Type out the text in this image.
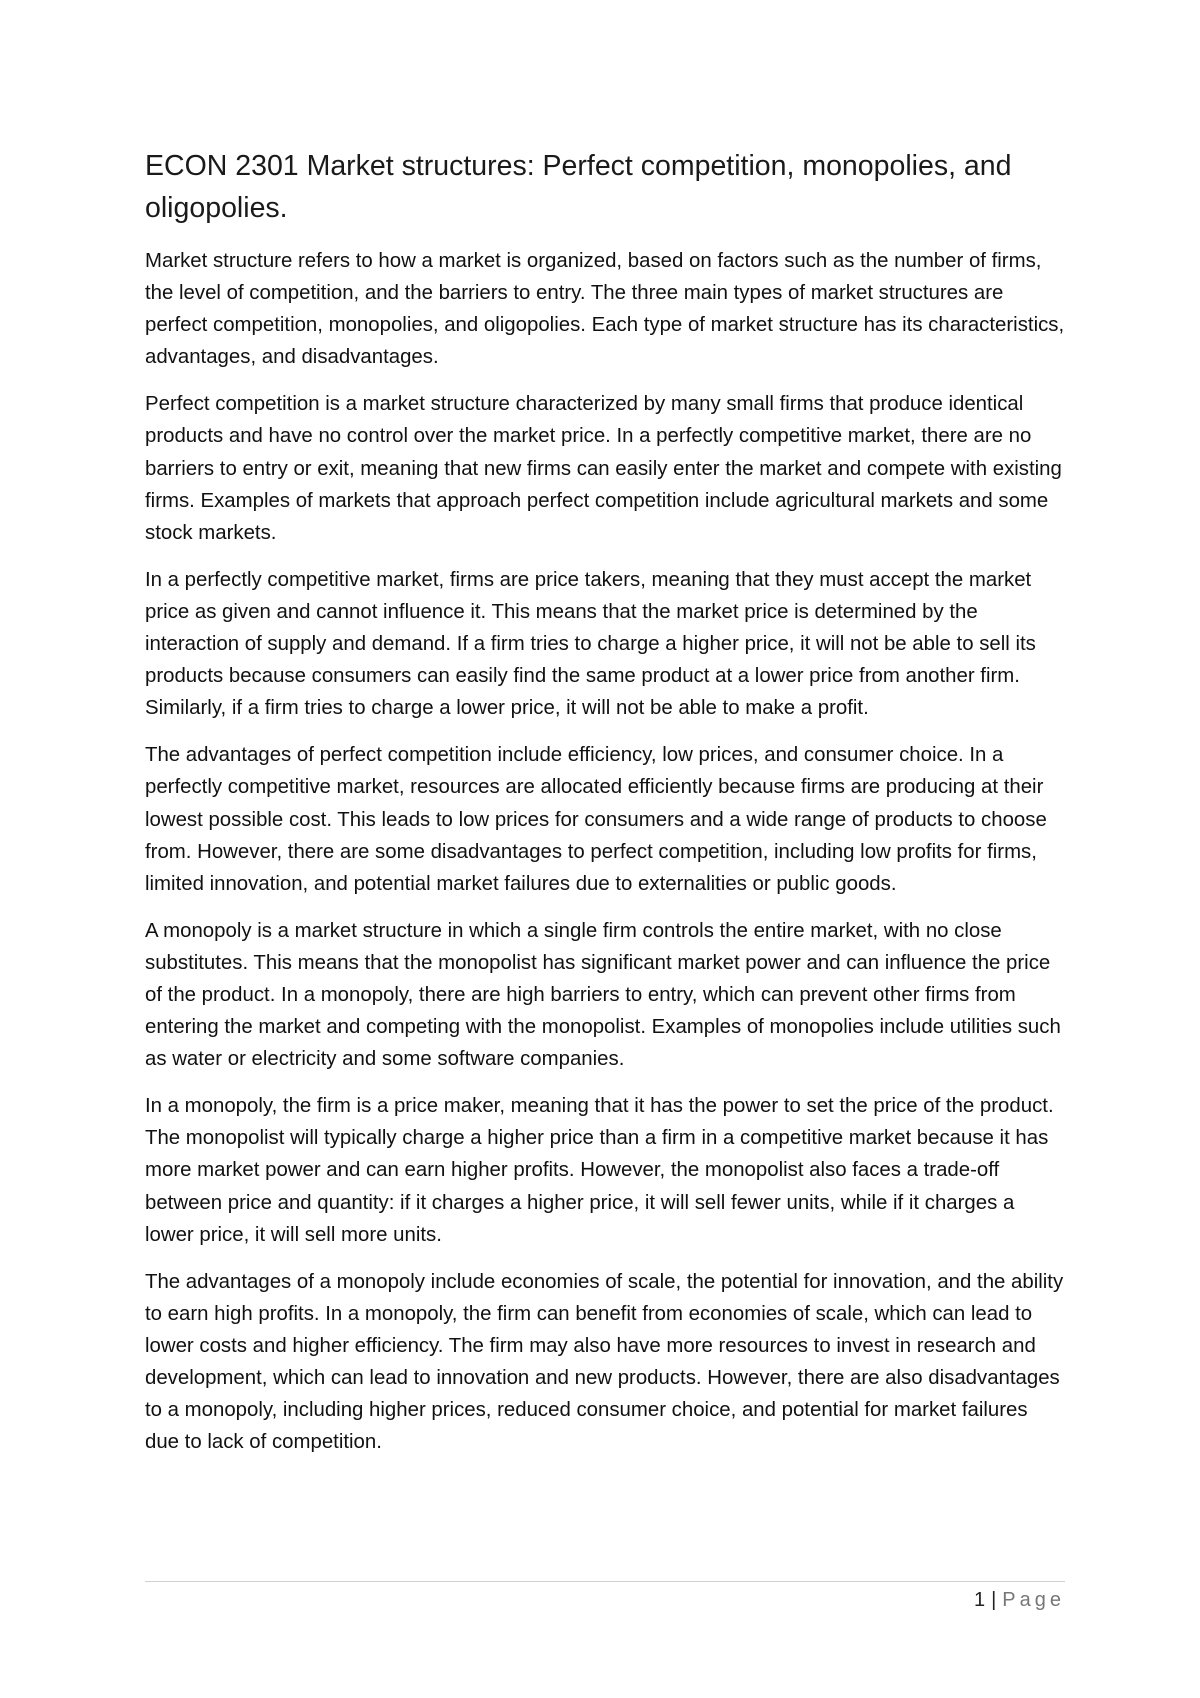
ECON 2301 Market structures: Perfect competition, monopolies, and oligopolies.

Market structure refers to how a market is organized, based on factors such as the number of firms, the level of competition, and the barriers to entry. The three main types of market structures are perfect competition, monopolies, and oligopolies. Each type of market structure has its characteristics, advantages, and disadvantages.

Perfect competition is a market structure characterized by many small firms that produce identical products and have no control over the market price. In a perfectly competitive market, there are no barriers to entry or exit, meaning that new firms can easily enter the market and compete with existing firms. Examples of markets that approach perfect competition include agricultural markets and some stock markets.

In a perfectly competitive market, firms are price takers, meaning that they must accept the market price as given and cannot influence it. This means that the market price is determined by the interaction of supply and demand. If a firm tries to charge a higher price, it will not be able to sell its products because consumers can easily find the same product at a lower price from another firm. Similarly, if a firm tries to charge a lower price, it will not be able to make a profit.

The advantages of perfect competition include efficiency, low prices, and consumer choice. In a perfectly competitive market, resources are allocated efficiently because firms are producing at their lowest possible cost. This leads to low prices for consumers and a wide range of products to choose from. However, there are some disadvantages to perfect competition, including low profits for firms, limited innovation, and potential market failures due to externalities or public goods.

A monopoly is a market structure in which a single firm controls the entire market, with no close substitutes. This means that the monopolist has significant market power and can influence the price of the product. In a monopoly, there are high barriers to entry, which can prevent other firms from entering the market and competing with the monopolist. Examples of monopolies include utilities such as water or electricity and some software companies.

In a monopoly, the firm is a price maker, meaning that it has the power to set the price of the product. The monopolist will typically charge a higher price than a firm in a competitive market because it has more market power and can earn higher profits. However, the monopolist also faces a trade-off between price and quantity: if it charges a higher price, it will sell fewer units, while if it charges a lower price, it will sell more units.

The advantages of a monopoly include economies of scale, the potential for innovation, and the ability to earn high profits. In a monopoly, the firm can benefit from economies of scale, which can lead to lower costs and higher efficiency. The firm may also have more resources to invest in research and development, which can lead to innovation and new products. However, there are also disadvantages to a monopoly, including higher prices, reduced consumer choice, and potential for market failures due to lack of competition.

1 | Page
